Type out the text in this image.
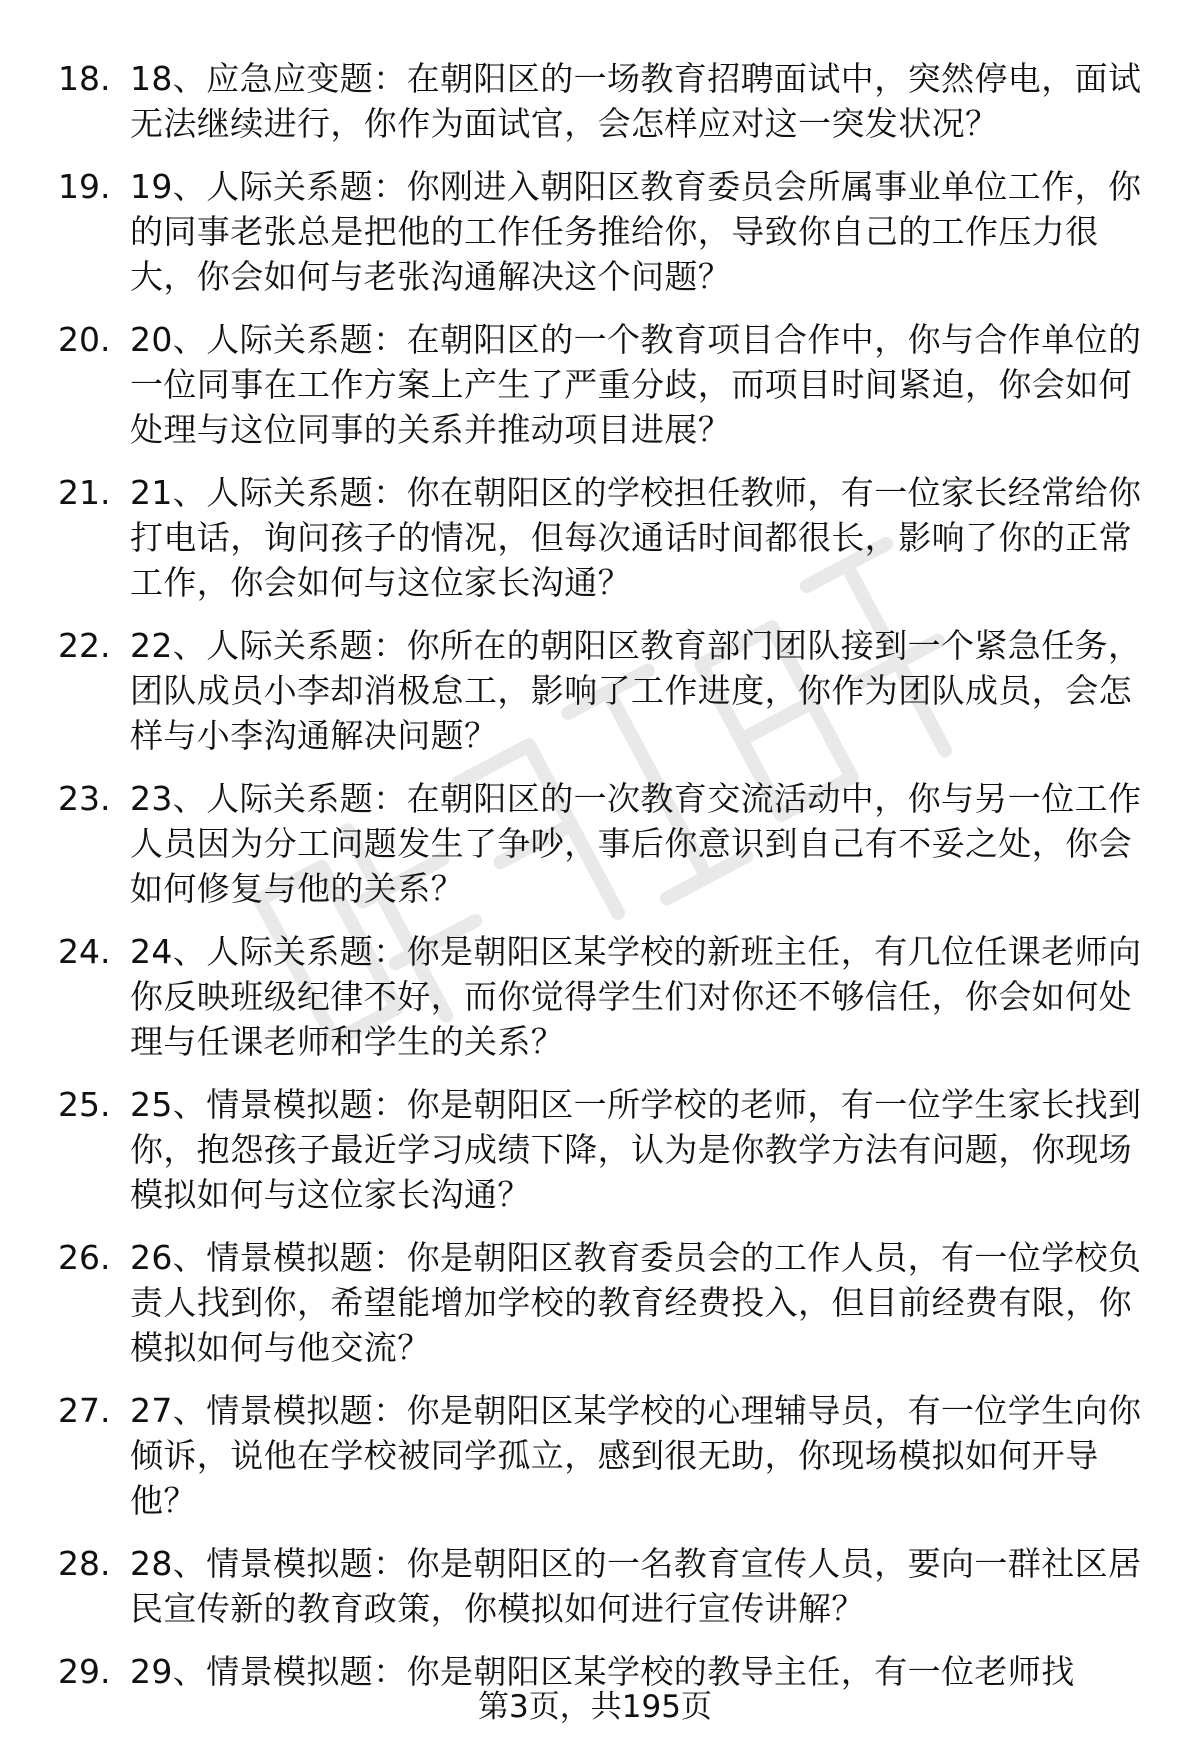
18. 18、应急应变题：在朝阳区的一场教育招聘面试中，突然停电，面试无法继续进行，你作为面试官，会怎样应对这一突发状况？
19. 19、人际关系题：你刚进入朝阳区教育委员会所属事业单位工作，你的同事老张总是把他的工作任务推给你，导致你自己的工作压力很大，你会如何与老张沟通解决这个问题？
20. 20、人际关系题：在朝阳区的一个教育项目合作中，你与合作单位的一位同事在工作方案上产生了严重分歧，而项目时间紧迫，你会如何处理与这位同事的关系并推动项目进展？
21. 21、人际关系题：你在朝阳区的学校担任教师，有一位家长经常给你打电话，询问孩子的情况，但每次通话时间都很长，影响了你的正常工作，你会如何与这位家长沟通？
22. 22、人际关系题：你所在的朝阳区教育部门团队接到一个紧急任务，团队成员小李却消极怠工，影响了工作进度，你作为团队成员，会怎样与小李沟通解决问题？
23. 23、人际关系题：在朝阳区的一次教育交流活动中，你与另一位工作人员因为分工问题发生了争吵，事后你意识到自己有不妥之处，你会如何修复与他的关系？
24. 24、人际关系题：你是朝阳区某学校的新班主任，有几位任课老师向你反映班级纪律不好，而你觉得学生们对你还不够信任，你会如何处理与任课老师和学生的关系？
25. 25、情景模拟题：你是朝阳区一所学校的老师，有一位学生家长找到你，抱怨孩子最近学习成绩下降，认为是你教学方法有问题，你现场模拟如何与这位家长沟通？
26. 26、情景模拟题：你是朝阳区教育委员会的工作人员，有一位学校负责人找到你，希望能增加学校的教育经费投入，但目前经费有限，你模拟如何与他交流？
27. 27、情景模拟题：你是朝阳区某学校的心理辅导员，有一位学生向你倾诉，说他在学校被同学孤立，感到很无助，你现场模拟如何开导他？
28. 28、情景模拟题：你是朝阳区的一名教育宣传人员，要向一群社区居民宣传新的教育政策，你模拟如何进行宣传讲解？
29. 29、情景模拟题：你是朝阳区某学校的教导主任，有一位老师找
第3页，共195页
